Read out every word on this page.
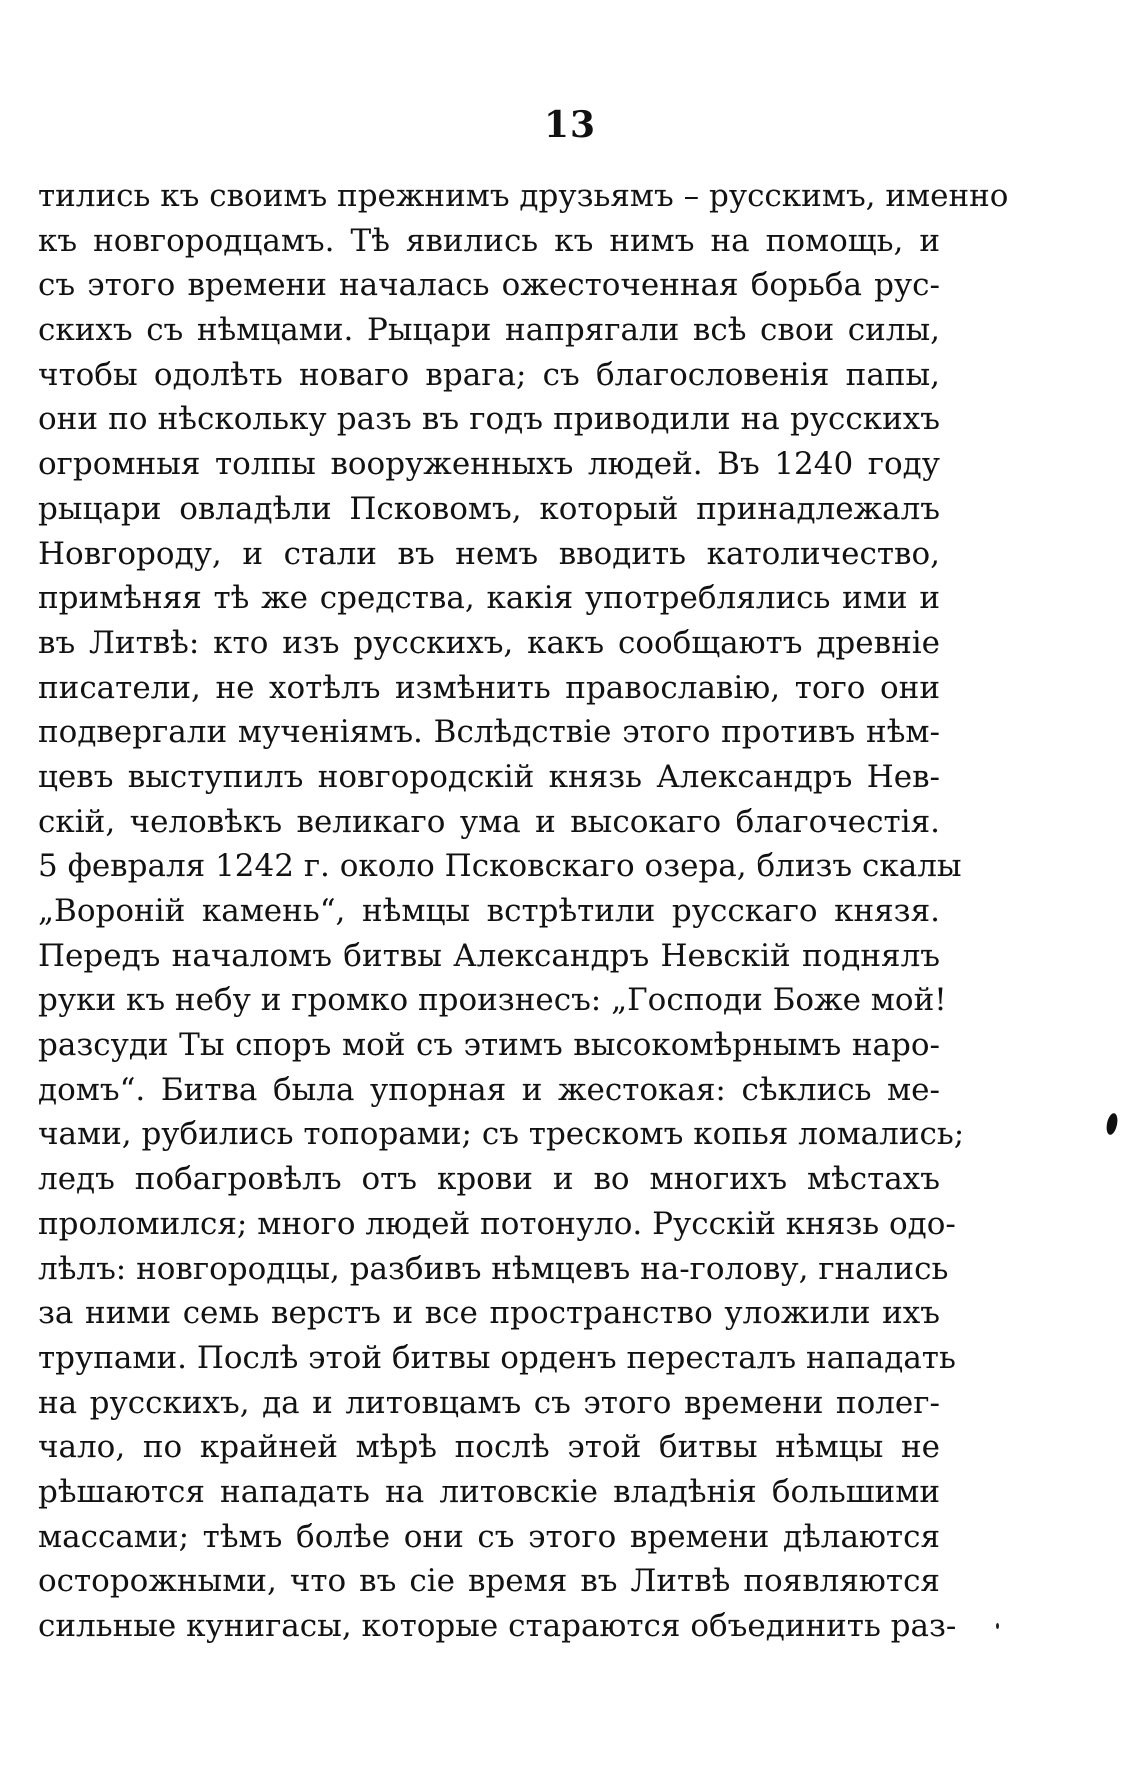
13
тились къ своимъ прежнимъ друзьямъ – русскимъ, именно
къ новгородцамъ. Тѣ явились къ нимъ на помощь, и
съ этого времени началась ожесточенная борьба рус-
скихъ съ нѣмцами. Рыцари напрягали всѣ свои силы,
чтобы одолѣть новаго врага; съ благословенія папы,
они по нѣскольку разъ въ годъ приводили на русскихъ
огромныя толпы вооруженныхъ людей. Въ 1240 году
рыцари овладѣли Псковомъ, который принадлежалъ
Новгороду, и стали въ немъ вводить католичество,
примѣняя тѣ же средства, какія употреблялись ими и
въ Литвѣ: кто изъ русскихъ, какъ сообщаютъ древніе
писатели, не хотѣлъ измѣнить православію, того они
подвергали мученіямъ. Вслѣдствіе этого противъ нѣм-
цевъ выступилъ новгородскій князь Александръ Нев-
скій, человѣкъ великаго ума и высокаго благочестія.
5 февраля 1242 г. около Псковскаго озера, близъ скалы
„Вороній камень“, нѣмцы встрѣтили русскаго князя.
Передъ началомъ битвы Александръ Невскій поднялъ
руки къ небу и громко произнесъ: „Господи Боже мой!
разсуди Ты споръ мой съ этимъ высокомѣрнымъ наро-
домъ“. Битва была упорная и жестокая: сѣклись ме-
чами, рубились топорами; съ трескомъ копья ломались;
ледъ побагровѣлъ отъ крови и во многихъ мѣстахъ
проломился; много людей потонуло. Русскій князь одо-
лѣлъ: новгородцы, разбивъ нѣмцевъ на-голову, гнались
за ними семь верстъ и все пространство уложили ихъ
трупами. Послѣ этой битвы орденъ пересталъ нападать
на русскихъ, да и литовцамъ съ этого времени полег-
чало, по крайней мѣрѣ послѣ этой битвы нѣмцы не
рѣшаются нападать на литовскіе владѣнія большими
массами; тѣмъ болѣе они съ этого времени дѣлаются
осторожными, что въ сіе время въ Литвѣ появляются
сильные кунигасы, которые стараются объединить раз-
